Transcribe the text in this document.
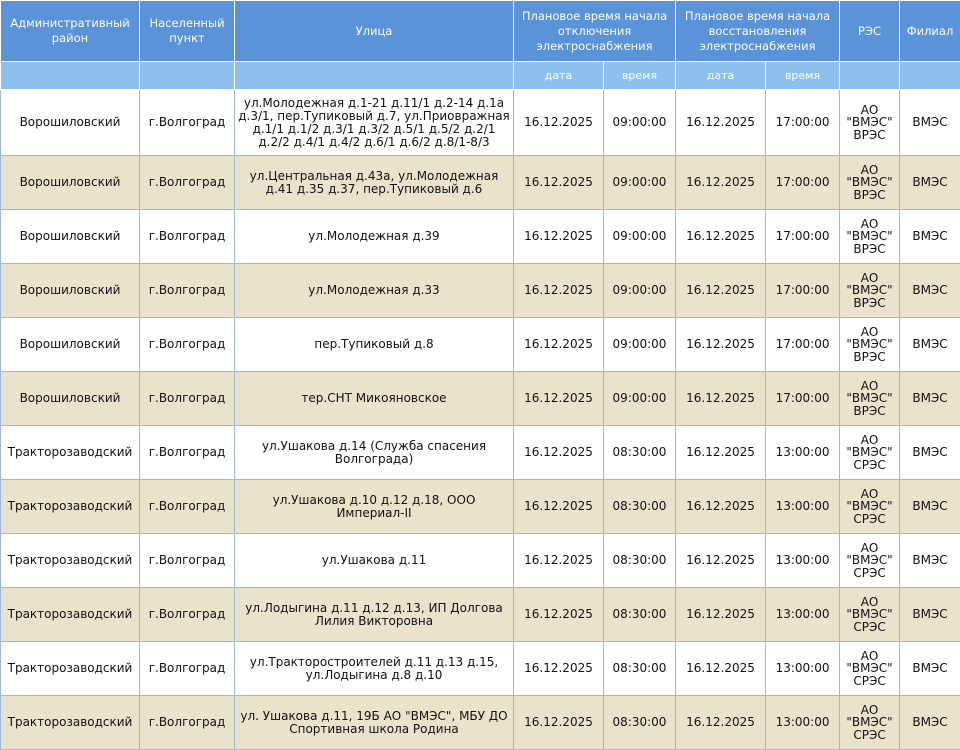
Административный район	Населенный пункт	Улица	Плановое время начала отключения электроснабжения		Плановое время начала восстановления электроснабжения		РЭС	Филиал
			дата	время	дата	время		
Ворошиловский	г.Волгоград	ул.Молодежная д.1-21 д.11/1 д.2-14 д.1а д.3/1, пер.Тупиковый д.7, ул.Приовражная д.1/1 д.1/2 д.3/1 д.3/2 д.5/1 д.5/2 д.2/1 д.2/2 д.4/1 д.4/2 д.6/1 д.6/2 д.8/1-8/3	16.12.2025	09:00:00	16.12.2025	17:00:00	АО "ВМЭС" ВРЭС	ВМЭС
Ворошиловский	г.Волгоград	ул.Центральная д.43а, ул.Молодежная д.41 д.35 д.37, пер.Тупиковый д.6	16.12.2025	09:00:00	16.12.2025	17:00:00	АО "ВМЭС" ВРЭС	ВМЭС
Ворошиловский	г.Волгоград	ул.Молодежная д.39	16.12.2025	09:00:00	16.12.2025	17:00:00	АО "ВМЭС" ВРЭС	ВМЭС
Ворошиловский	г.Волгоград	ул.Молодежная д.33	16.12.2025	09:00:00	16.12.2025	17:00:00	АО "ВМЭС" ВРЭС	ВМЭС
Ворошиловский	г.Волгоград	пер.Тупиковый д.8	16.12.2025	09:00:00	16.12.2025	17:00:00	АО "ВМЭС" ВРЭС	ВМЭС
Ворошиловский	г.Волгоград	тер.СНТ Микояновское	16.12.2025	09:00:00	16.12.2025	17:00:00	АО "ВМЭС" ВРЭС	ВМЭС
Тракторозаводский	г.Волгоград	ул.Ушакова д.14 (Служба спасения Волгограда)	16.12.2025	08:30:00	16.12.2025	13:00:00	АО "ВМЭС" СРЭС	ВМЭС
Тракторозаводский	г.Волгоград	ул.Ушакова д.10 д.12 д.18, ООО Империал-II	16.12.2025	08:30:00	16.12.2025	13:00:00	АО "ВМЭС" СРЭС	ВМЭС
Тракторозаводский	г.Волгоград	ул.Ушакова д.11	16.12.2025	08:30:00	16.12.2025	13:00:00	АО "ВМЭС" СРЭС	ВМЭС
Тракторозаводский	г.Волгоград	ул.Лодыгина д.11 д.12 д.13, ИП Долгова Лилия Викторовна	16.12.2025	08:30:00	16.12.2025	13:00:00	АО "ВМЭС" СРЭС	ВМЭС
Тракторозаводский	г.Волгоград	ул.Тракторостроителей д.11 д.13 д.15, ул.Лодыгина д.8 д.10	16.12.2025	08:30:00	16.12.2025	13:00:00	АО "ВМЭС" СРЭС	ВМЭС
Тракторозаводский	г.Волгоград	ул. Ушакова д.11, 19Б АО "ВМЭС", МБУ ДО Спортивная школа Родина	16.12.2025	08:30:00	16.12.2025	13:00:00	АО "ВМЭС" СРЭС	ВМЭС
